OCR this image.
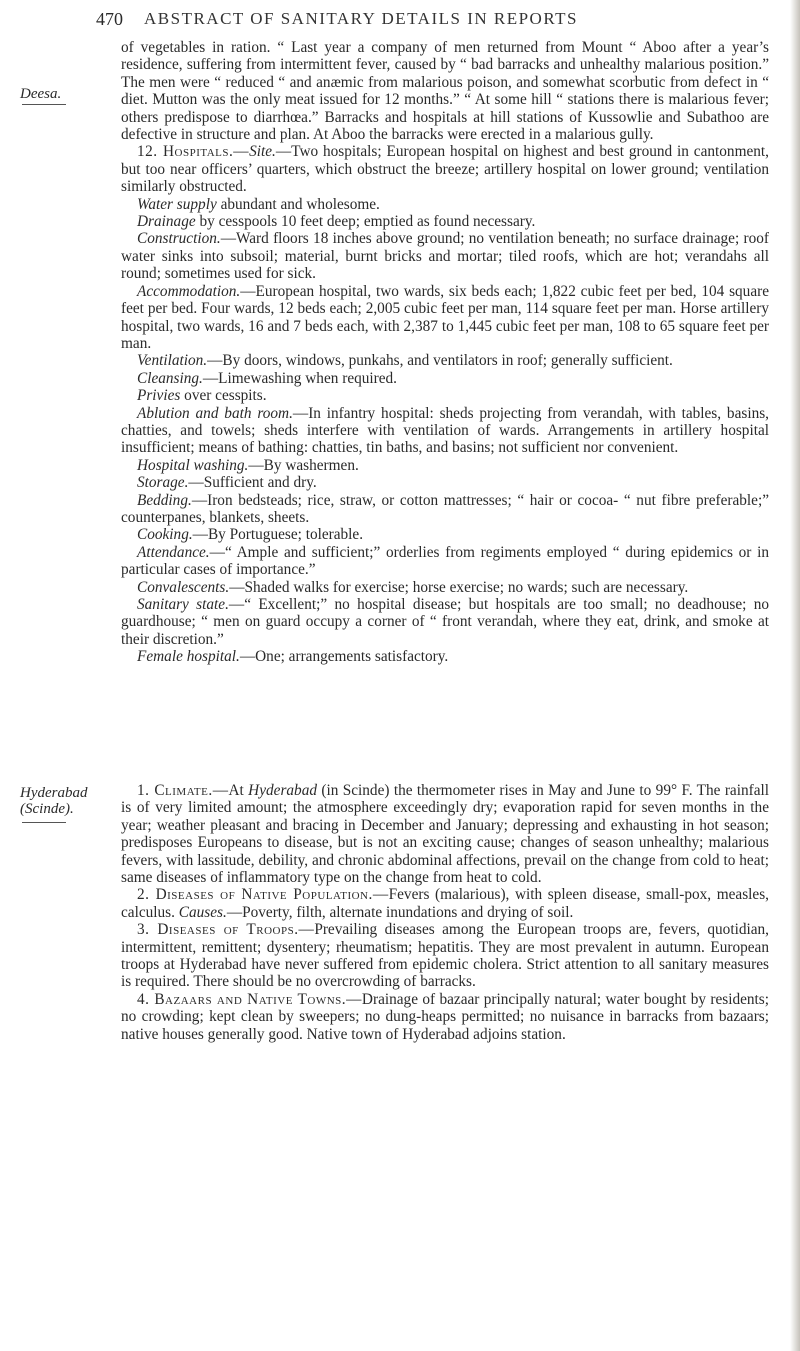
470 ABSTRACT OF SANITARY DETAILS IN REPORTS
Deesa.
Hyderabad
(Scinde).

of vegetables in ration. “ Last year a company of men returned from Mount “ Aboo after a year’s residence, suffering from intermittent fever, caused by “ bad barracks and unhealthy malarious position.” The men were “ reduced “ and anæmic from malarious poison, and somewhat scorbutic from defect in “ diet. Mutton was the only meat issued for 12 months.” “ At some hill “ stations there is malarious fever; others predispose to diarrhœa.” Barracks and hospitals at hill stations of Kussowlie and Subathoo are defective in structure and plan. At Aboo the barracks were erected in a malarious gully.

12. Hospitals.—Site.—Two hospitals; European hospital on highest and best ground in cantonment, but too near officers’ quarters, which obstruct the breeze; artillery hospital on lower ground; ventilation similarly obstructed.

Water supply abundant and wholesome.

Drainage by cesspools 10 feet deep; emptied as found necessary.

Construction.—Ward floors 18 inches above ground; no ventilation beneath; no surface drainage; roof water sinks into subsoil; material, burnt bricks and mortar; tiled roofs, which are hot; verandahs all round; sometimes used for sick.

Accommodation.—European hospital, two wards, six beds each; 1,822 cubic feet per bed, 104 square feet per bed. Four wards, 12 beds each; 2,005 cubic feet per man, 114 square feet per man. Horse artillery hospital, two wards, 16 and 7 beds each, with 2,387 to 1,445 cubic feet per man, 108 to 65 square feet per man.

Ventilation.—By doors, windows, punkahs, and ventilators in roof; generally sufficient.

Cleansing.—Limewashing when required.

Privies over cesspits.

Ablution and bath room.—In infantry hospital: sheds projecting from verandah, with tables, basins, chatties, and towels; sheds interfere with ventilation of wards. Arrangements in artillery hospital insufficient; means of bathing: chatties, tin baths, and basins; not sufficient nor convenient.

Hospital washing.—By washermen.

Storage.—Sufficient and dry.

Bedding.—Iron bedsteads; rice, straw, or cotton mattresses; “ hair or cocoa- “ nut fibre preferable;” counterpanes, blankets, sheets.

Cooking.—By Portuguese; tolerable.

Attendance.—“ Ample and sufficient;” orderlies from regiments employed “ during epidemics or in particular cases of importance.”

Convalescents.—Shaded walks for exercise; horse exercise; no wards; such are necessary.

Sanitary state.—“ Excellent;” no hospital disease; but hospitals are too small; no deadhouse; no guardhouse; “ men on guard occupy a corner of “ front verandah, where they eat, drink, and smoke at their discretion.”

Female hospital.—One; arrangements satisfactory.

1. Climate.—At Hyderabad (in Scinde) the thermometer rises in May and June to 99° F. The rainfall is of very limited amount; the atmosphere exceedingly dry; evaporation rapid for seven months in the year; weather pleasant and bracing in December and January; depressing and exhausting in hot season; predisposes Europeans to disease, but is not an exciting cause; changes of season unhealthy; malarious fevers, with lassitude, debility, and chronic abdominal affections, prevail on the change from cold to heat; same diseases of inflammatory type on the change from heat to cold.

2. Diseases of Native Population.—Fevers (malarious), with spleen disease, small-pox, measles, calculus. Causes.—Poverty, filth, alternate inundations and drying of soil.

3. Diseases of Troops.—Prevailing diseases among the European troops are, fevers, quotidian, intermittent, remittent; dysentery; rheumatism; hepatitis. They are most prevalent in autumn. European troops at Hyderabad have never suffered from epidemic cholera. Strict attention to all sanitary measures is required. There should be no overcrowding of barracks.

4. Bazaars and Native Towns.—Drainage of bazaar principally natural; water bought by residents; no crowding; kept clean by sweepers; no dung-heaps permitted; no nuisance in barracks from bazaars; native houses generally good. Native town of Hyderabad adjoins station.
